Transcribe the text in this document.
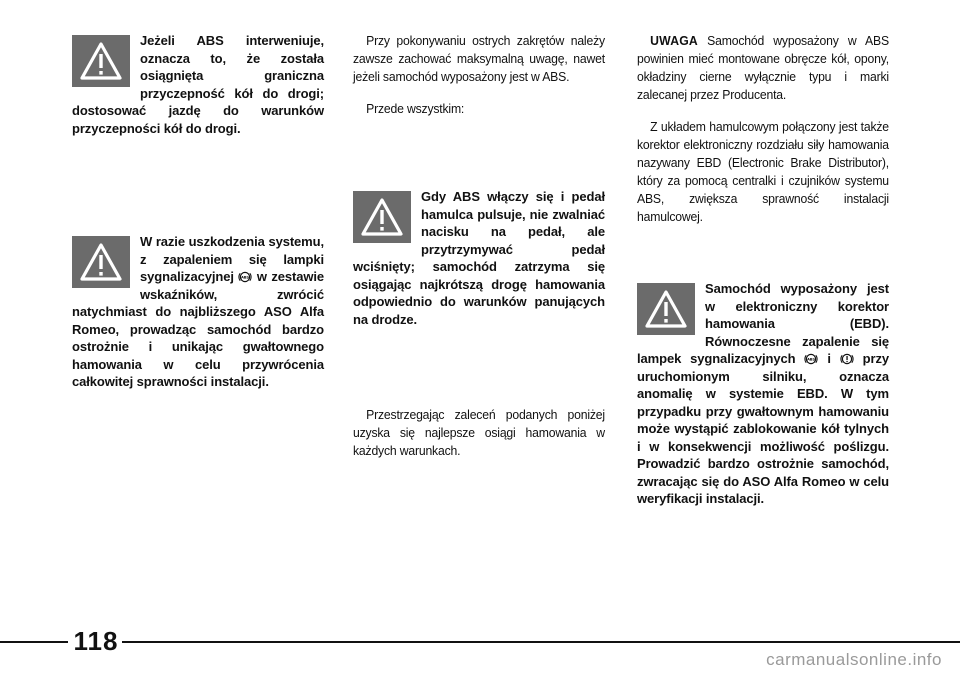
Jeżeli ABS interweniuje, oznacza to, że została osiągnięta graniczna przyczepność kół do drogi; dostosować jazdę do warunków przyczepności kół do drogi.
W razie uszkodzenia systemu, z zapaleniem się lampki sygnalizacyjnej ABS w zestawie wskaźników, zwrócić natychmiast do najbliższego ASO Alfa Romeo, prowadząc samochód bardzo ostrożnie i unikając gwałtownego hamowania w celu przywrócenia całkowitej sprawności instalacji.

Przy pokonywaniu ostrych zakrętów należy zawsze zachować maksymalną uwagę, nawet jeżeli samochód wyposażony jest w ABS.

Przede wszystkim:

Gdy ABS włączy się i pedał hamulca pulsuje, nie zwalniać nacisku na pedał, ale przytrzymywać pedał wciśnięty; samochód zatrzyma się osiągając najkrótszą drogę hamowania odpowiednio do warunków panujących na drodze.

Przestrzegając zaleceń podanych poniżej uzyska się najlepsze osiągi hamowania w każdych warunkach.

UWAGA Samochód wyposażony w ABS powinien mieć montowane obręcze kół, opony, okładziny cierne wyłącznie typu i marki zalecanej przez Producenta.

Z układem hamulcowym połączony jest także korektor elektroniczny rozdziału siły hamowania nazywany EBD (Electronic Brake Distributor), który za pomocą centralki i czujników systemu ABS, zwiększa sprawność instalacji hamulcowej.

Samochód wyposażony jest w elektroniczny korektor hamowania (EBD). Równoczesne zapalenie się lampek sygnalizacyjnych	ABS i przy uruchomionym silniku, oznacza anomalię w systemie EBD. W tym przypadku przy gwałtownym hamowaniu może wystąpić zablokowanie kół tylnych i w konsekwencji możliwość poślizgu. Prowadzić bardzo ostrożnie samochód, zwracając się do ASO Alfa Romeo w celu weryfikacji instalacji.
118
carmanualsonline.info
